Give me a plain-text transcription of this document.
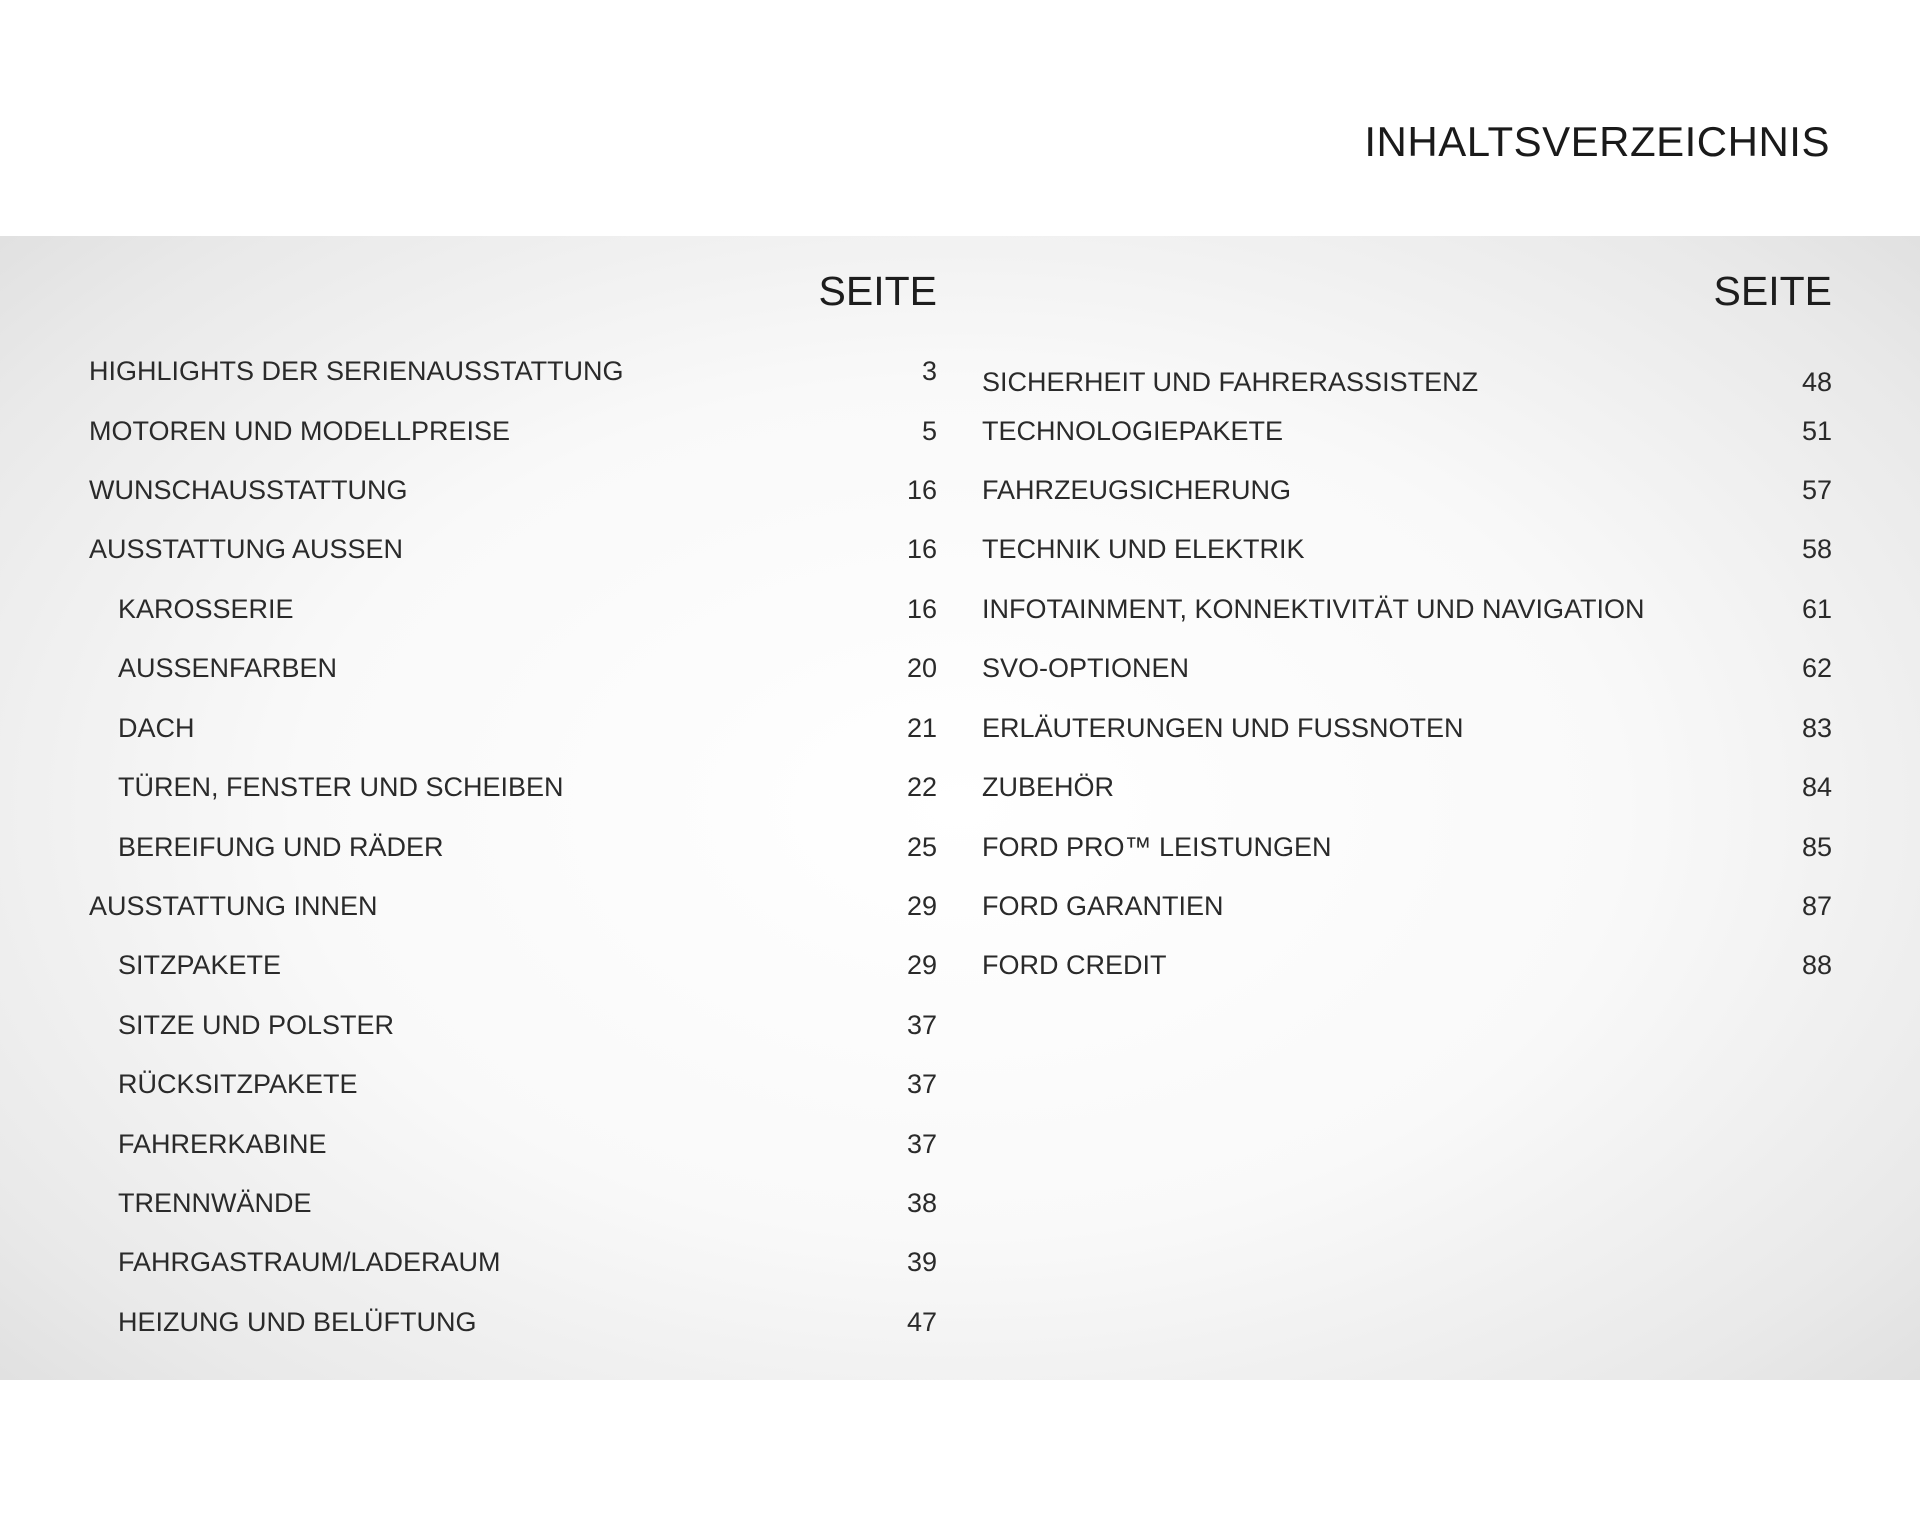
INHALTSVERZEICHNIS
SEITE
HIGHLIGHTS DER SERIENAUSSTATTUNG	3
MOTOREN UND MODELLPREISE	5
WUNSCHAUSSTATTUNG	16
AUSSTATTUNG AUSSEN	16
KAROSSERIE	16
AUSSENFARBEN	20
DACH	21
TÜREN, FENSTER UND SCHEIBEN	22
BEREIFUNG UND RÄDER	25
AUSSTATTUNG INNEN	29
SITZPAKETE	29
SITZE UND POLSTER	37
RÜCKSITZPAKETE	37
FAHRERKABINE	37
TRENNWÄNDE	38
FAHRGASTRAUM/LADERAUM	39
HEIZUNG UND BELÜFTUNG	47
SEITE
SICHERHEIT UND FAHRERASSISTENZ	48
TECHNOLOGIEPAKETE	51
FAHRZEUGSICHERUNG	57
TECHNIK UND ELEKTRIK	58
INFOTAINMENT, KONNEKTIVITÄT UND NAVIGATION	61
SVO-OPTIONEN	62
ERLÄUTERUNGEN UND FUSSNOTEN	83
ZUBEHÖR	84
FORD PRO™ LEISTUNGEN	85
FORD GARANTIEN	87
FORD CREDIT	88
